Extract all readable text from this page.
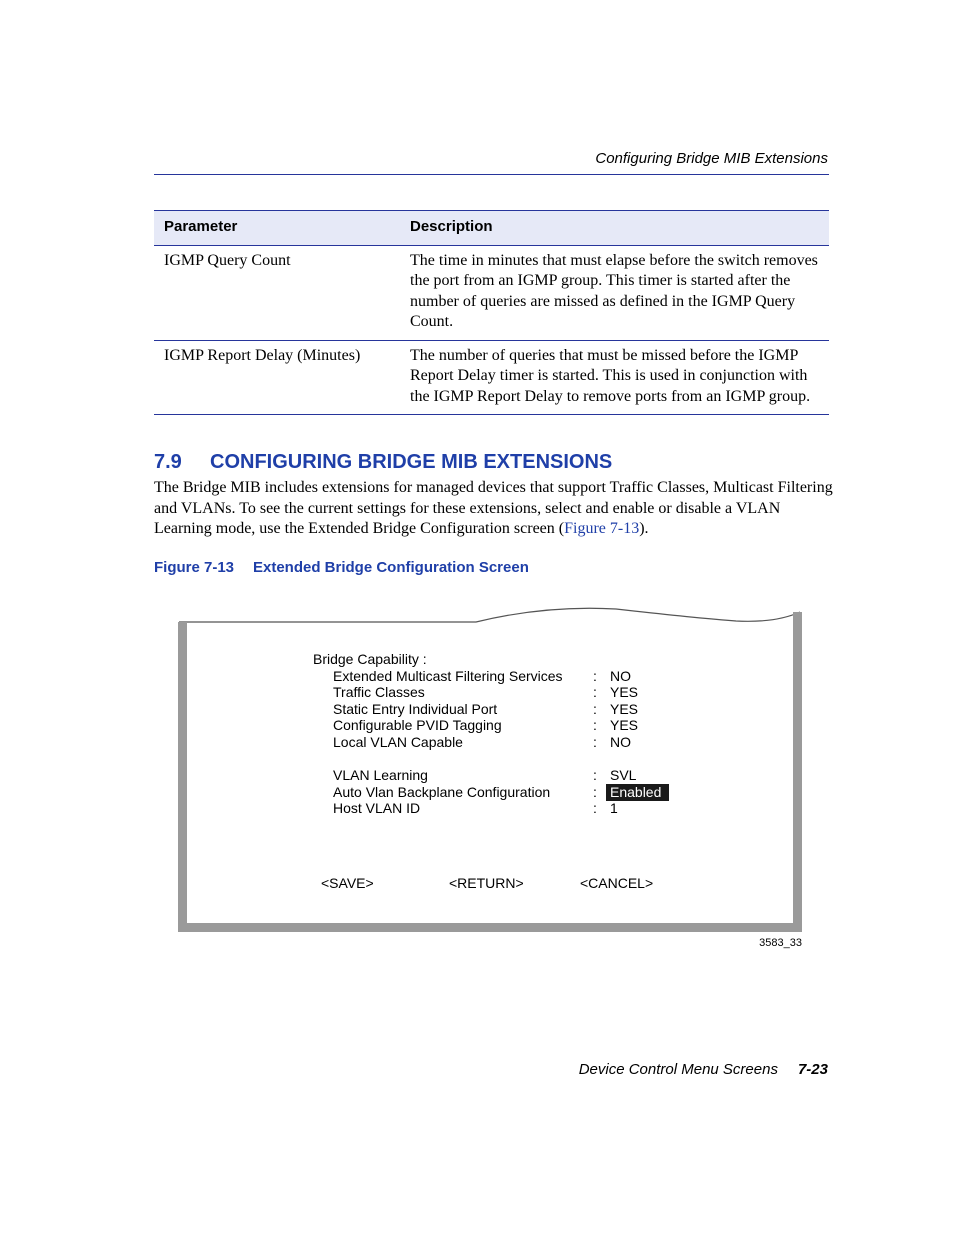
Configuring Bridge MIB Extensions
Parameter	Description
IGMP Query Count	The time in minutes that must elapse before the switch removes the port from an IGMP group. This timer is started after the number of queries are missed as defined in the IGMP Query Count.
IGMP Report Delay (Minutes)	The number of queries that must be missed before the IGMP Report Delay timer is started. This is used in conjunction with the IGMP Report Delay to remove ports from an IGMP group.
7.9 CONFIGURING BRIDGE MIB EXTENSIONS
The Bridge MIB includes extensions for managed devices that support Traffic Classes, Multicast Filtering and VLANs. To see the current settings for these extensions, select and enable or disable a VLAN Learning mode, use the Extended Bridge Configuration screen (Figure 7-13).
Figure 7-13 Extended Bridge Configuration Screen
Bridge Capability :
Extended Multicast Filtering Services : NO
Traffic Classes	: YES
Static Entry Individual Port	: YES
Configurable PVID Tagging	: YES
Local VLAN Capable	: NO
VLAN Learning	: SVL
Auto Vlan Backplane Configuration	: Enabled
Host VLAN ID	: 1
<SAVE>	<RETURN>	<CANCEL>
3583_33
Device Control Menu Screens 7-23
